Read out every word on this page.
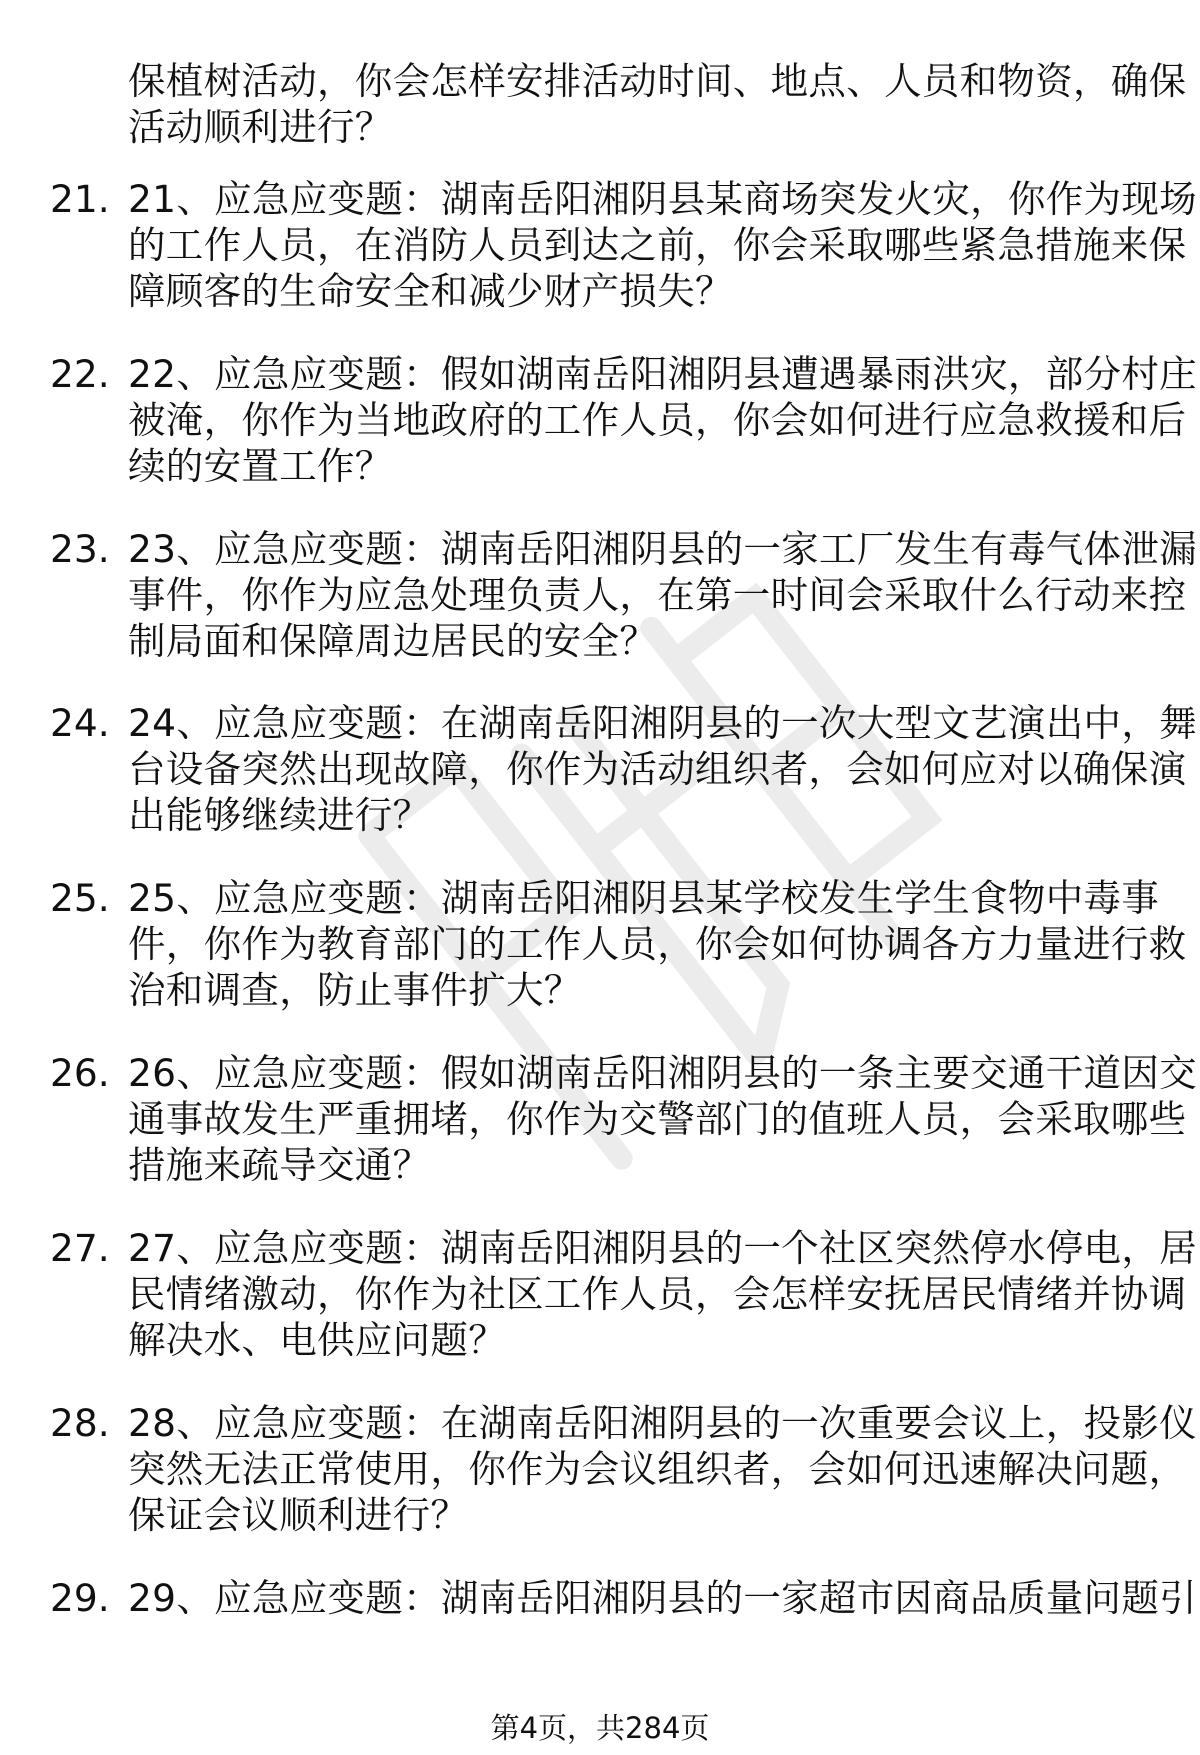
保植树活动，你会怎样安排活动时间、地点、人员和物资，确保
活动顺利进行？
21. 21、应急应变题：湖南岳阳湘阴县某商场突发火灾，你作为现场
的工作人员，在消防人员到达之前，你会采取哪些紧急措施来保
障顾客的生命安全和减少财产损失？
22. 22、应急应变题：假如湖南岳阳湘阴县遭遇暴雨洪灾，部分村庄
被淹，你作为当地政府的工作人员，你会如何进行应急救援和后
续的安置工作？
23. 23、应急应变题：湖南岳阳湘阴县的一家工厂发生有毒气体泄漏
事件，你作为应急处理负责人，在第一时间会采取什么行动来控
制局面和保障周边居民的安全？
24. 24、应急应变题：在湖南岳阳湘阴县的一次大型文艺演出中，舞
台设备突然出现故障，你作为活动组织者，会如何应对以确保演
出能够继续进行？
25. 25、应急应变题：湖南岳阳湘阴县某学校发生学生食物中毒事
件，你作为教育部门的工作人员，你会如何协调各方力量进行救
治和调查，防止事件扩大？
26. 26、应急应变题：假如湖南岳阳湘阴县的一条主要交通干道因交
通事故发生严重拥堵，你作为交警部门的值班人员，会采取哪些
措施来疏导交通？
27. 27、应急应变题：湖南岳阳湘阴县的一个社区突然停水停电，居
民情绪激动，你作为社区工作人员，会怎样安抚居民情绪并协调
解决水、电供应问题？
28. 28、应急应变题：在湖南岳阳湘阴县的一次重要会议上，投影仪
突然无法正常使用，你作为会议组织者，会如何迅速解决问题，
保证会议顺利进行？
29. 29、应急应变题：湖南岳阳湘阴县的一家超市因商品质量问题引
第4页，共284页
